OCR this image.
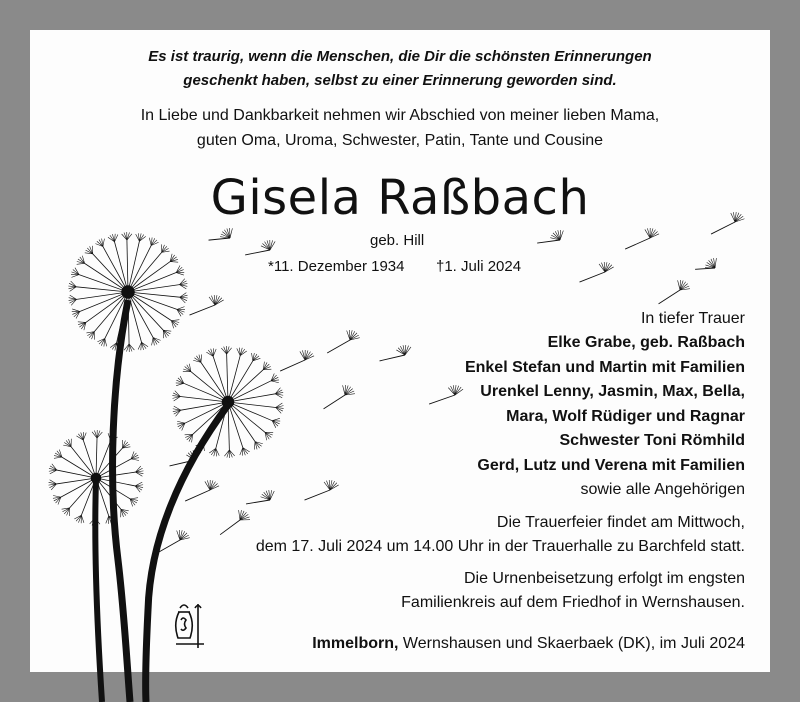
Es ist traurig, wenn die Menschen, die Dir die schönsten Erinnerungen
geschenkt haben, selbst zu einer Erinnerung geworden sind.
In Liebe und Dankbarkeit nehmen wir Abschied von meiner lieben Mama,
guten Oma, Uroma, Schwester, Patin, Tante und Cousine
Gisela Raßbach
geb. Hill
*11. Dezember 1934 †1. Juli 2024
In tiefer Trauer
Elke Grabe, geb. Raßbach
Enkel Stefan und Martin mit Familien
Urenkel Lenny, Jasmin, Max, Bella,
Mara, Wolf Rüdiger und Ragnar
Schwester Toni Römhild
Gerd, Lutz und Verena mit Familien
sowie alle Angehörigen
Die Trauerfeier findet am Mittwoch,
dem 17. Juli 2024 um 14.00 Uhr in der Trauerhalle zu Barchfeld statt.
Die Urnenbeisetzung erfolgt im engsten
Familienkreis auf dem Friedhof in Wernshausen.
Immelborn, Wernshausen und Skaerbaek (DK), im Juli 2024
